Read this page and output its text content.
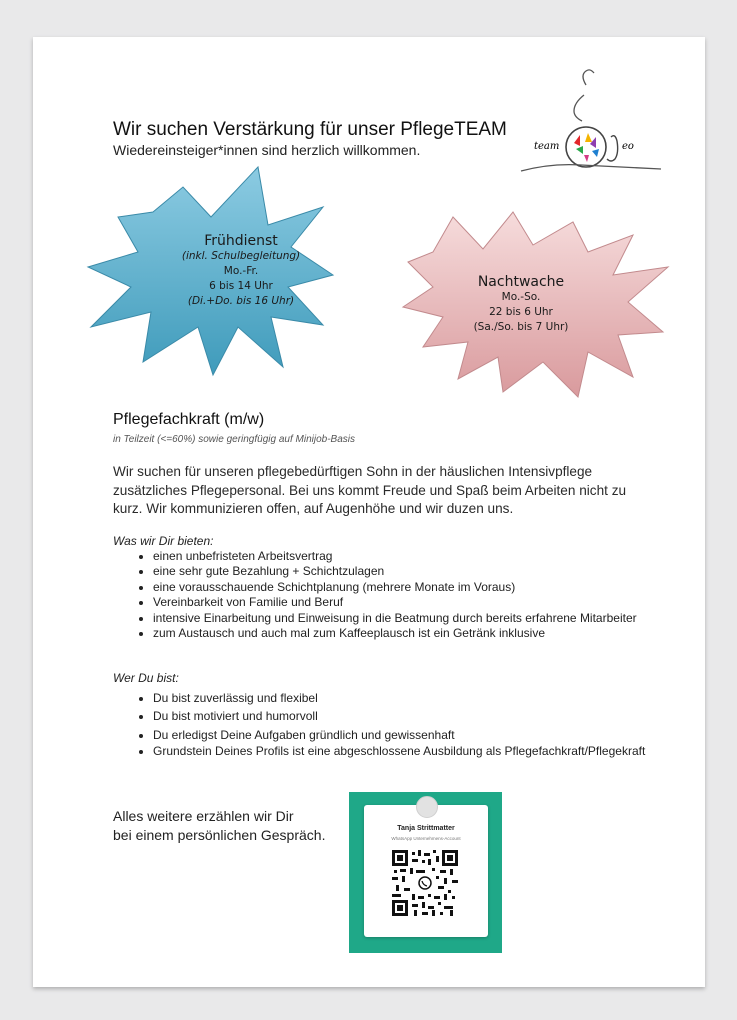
Wir suchen Verstärkung für unser PflegeTEAM
Wiedereinsteiger*innen sind herzlich willkommen.	team	eo
Frühdienst
(inkl. Schulbegleitung)
Mo.-Fr.
6 bis 14 Uhr
(Di.+Do. bis 16 Uhr)
Nachtwache
Mo.-So.
22 bis 6 Uhr
(Sa./So. bis 7 Uhr)
Pflegefachkraft (m/w)
in Teilzeit (<=60%) sowie geringfügig auf Minijob-Basis
Wir suchen für unseren pflegebedürftigen Sohn in der häuslichen Intensivpflege zusätzliches Pflegepersonal. Bei uns kommt Freude und Spaß beim Arbeiten nicht zu kurz. Wir kommunizieren offen, auf Augenhöhe und wir duzen uns.
Was wir Dir bieten:
• einen unbefristeten Arbeitsvertrag
• eine sehr gute Bezahlung + Schichtzulagen
• eine vorausschauende Schichtplanung (mehrere Monate im Voraus)
• Vereinbarkeit von Familie und Beruf
• intensive Einarbeitung und Einweisung in die Beatmung durch bereits erfahrene Mitarbeiter
• zum Austausch und auch mal zum Kaffeeplausch ist ein Getränk inklusive
Wer Du bist:
• Du bist zuverlässig und flexibel
• Du bist motiviert und humorvoll
• Du erledigst Deine Aufgaben gründlich und gewissenhaft
• Grundstein Deines Profils ist eine abgeschlossene Ausbildung als Pflegefachkraft/Pflegekraft
Alles weitere erzählen wir Dir
bei einem persönlichen Gespräch.	Tanja Strittmatter
WhatsApp Unternehmens-Account
